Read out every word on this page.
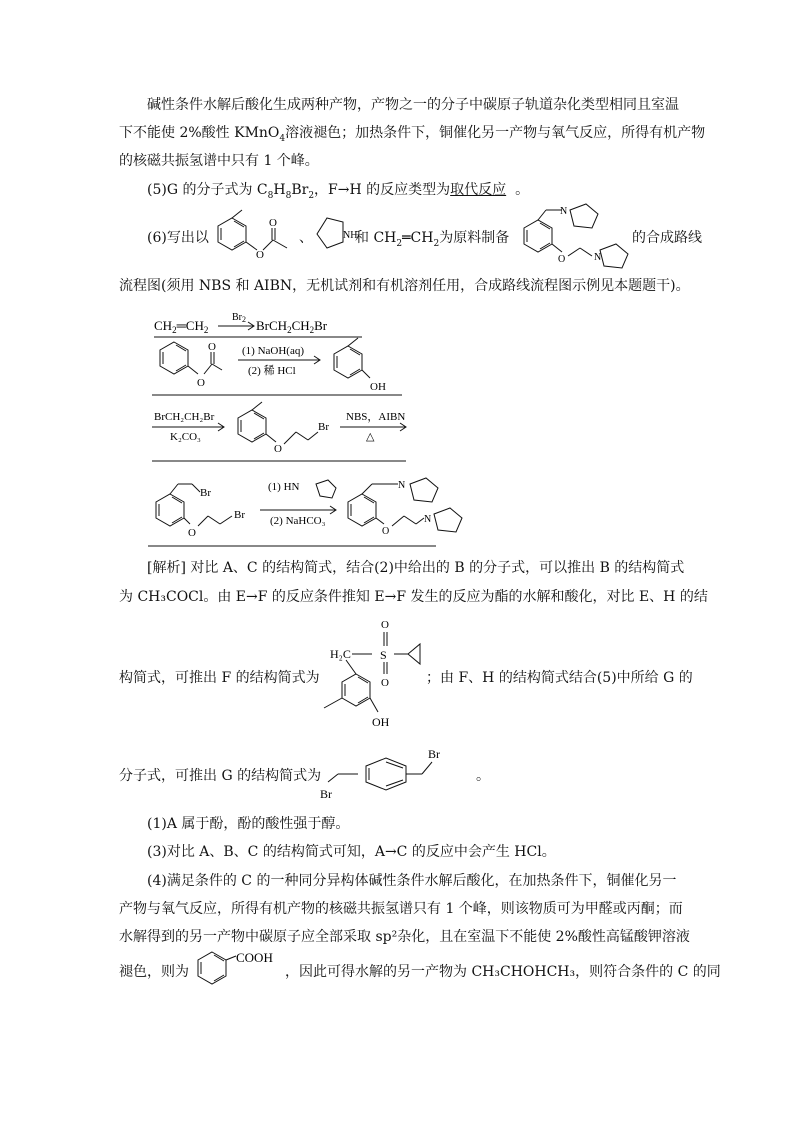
碱性条件水解后酸化生成两种产物，产物之一的分子中碳原子轨道杂化类型相同且室温
下不能使 2%酸性 KMnO$_4$溶液褪色；加热条件下，铜催化另一产物与氧气反应，所得有机产物
的核磁共振氢谱中只有 1 个峰。
(5)G 的分子式为 $C_8H_8Br_2$，F→H 的反应类型为取代反应 。
(6)写出以
O
O
、	NH
和 $CH_2═CH_2$为原料制备
N
O	N
的合成路线
流程图(须用 NBS 和 AIBN，无机试剂和有机溶剂任用，合成路线流程图示例见本题题干)。
$CH_2═CH_2$
$Br_2$ $BrCH_2CH_2Br$
O
O (1) NaOH(aq)
(2) 稀 HCl
OH
BrCH₂CH₂Br
K₂CO₃
O
Br
NBS，AIBN
△
Br
O
Br
(1) HN
(2) NaHCO₃
N
O
N
[解析] 对比 A、C 的结构简式，结合(2)中给出的 B 的分子式，可以推出 B 的结构简式
为 CH₃COCl。由 E→F 的反应条件推知 E→F 发生的反应为酯的水解和酸化，对比 E、H 的结
构简式，可推出 F 的结构简式为
H₂C S
O
O
OH
；由 F、H 的结构简式结合(5)中所给 G 的
分子式，可推出 G 的结构简式为
Br
Br
。
(1)A 属于酚，酚的酸性强于醇。
(3)对比 A、B、C 的结构简式可知，A→C 的反应中会产生 HCl。
(4)满足条件的 C 的一种同分异构体碱性条件水解后酸化，在加热条件下，铜催化另一
产物与氧气反应，所得有机产物的核磁共振氢谱只有 1 个峰，则该物质可为甲醛或丙酮；而
水解得到的另一产物中碳原子应全部采取 sp²杂化，且在室温下不能使 2%酸性高锰酸钾溶液
褪色，则为
COOH
，因此可得水解的另一产物为 CH₃CHOHCH₃，则符合条件的 C 的同
